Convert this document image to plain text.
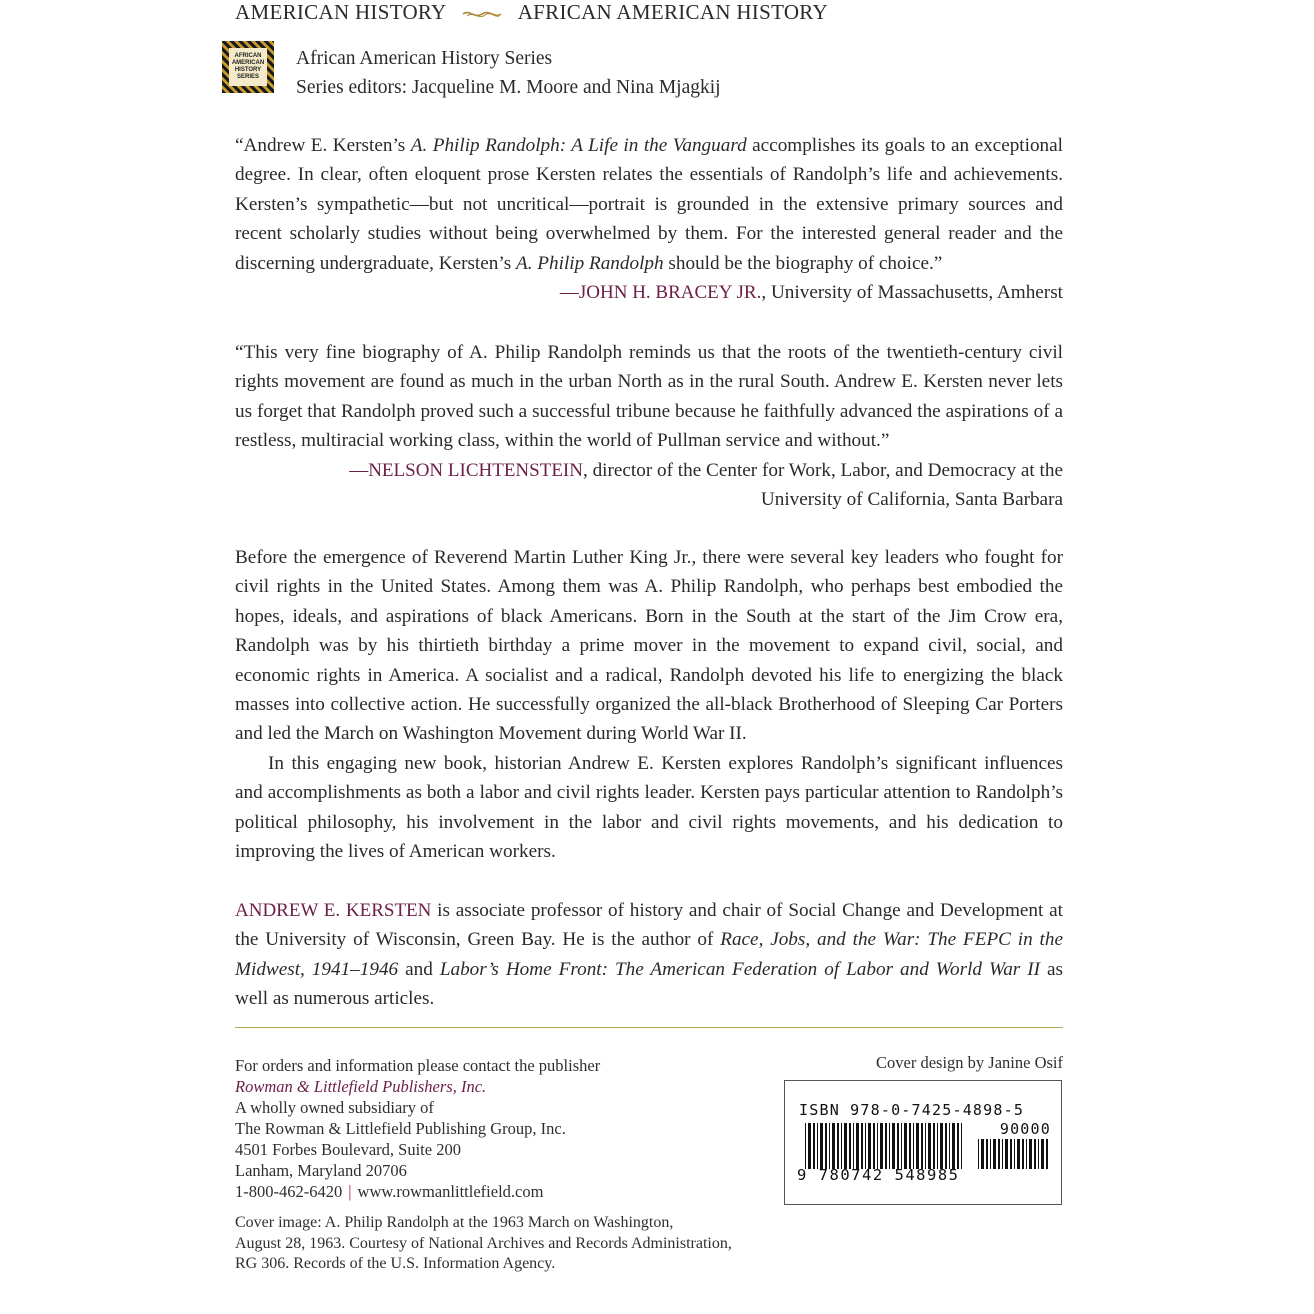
AMERICAN HISTORY	AFRICAN AMERICAN HISTORY
AFRICAN AMERICAN HISTORY SERIES
African American History Series
Series editors: Jacqueline M. Moore and Nina Mjagkij

“Andrew E. Kersten’s A. Philip Randolph: A Life in the Vanguard accomplishes its goals to an exceptional degree. In clear, often eloquent prose Kersten relates the essentials of Randolph’s life and achievements. Kersten’s sympathetic—but not uncritical—portrait is grounded in the extensive primary sources and recent scholarly studies without being overwhelmed by them. For the interested general reader and the discerning undergraduate, Kersten’s A. Philip Randolph should be the biography of choice.”

—JOHN H. BRACEY JR., University of Massachusetts, Amherst

“This very fine biography of A. Philip Randolph reminds us that the roots of the twentieth-century civil rights movement are found as much in the urban North as in the rural South. Andrew E. Kersten never lets us forget that Randolph proved such a successful tribune because he faithfully advanced the aspirations of a restless, multiracial working class, within the world of Pullman service and without.”

—NELSON LICHTENSTEIN, director of the Center for Work, Labor, and Democracy at the

University of California, Santa Barbara

Before the emergence of Reverend Martin Luther King Jr., there were several key leaders who fought for civil rights in the United States. Among them was A. Philip Randolph, who perhaps best embodied the hopes, ideals, and aspirations of black Americans. Born in the South at the start of the Jim Crow era, Randolph was by his thirtieth birthday a prime mover in the movement to expand civil, social, and economic rights in America. A socialist and a radical, Randolph devoted his life to energizing the black masses into collective action. He successfully organized the all-black Brotherhood of Sleeping Car Porters and led the March on Washington Movement during World War II.

In this engaging new book, historian Andrew E. Kersten explores Randolph’s significant influences and accomplishments as both a labor and civil rights leader. Kersten pays particular attention to Randolph’s political philosophy, his involvement in the labor and civil rights movements, and his dedication to improving the lives of American workers.

ANDREW E. KERSTEN is associate professor of history and chair of Social Change and Development at the University of Wisconsin, Green Bay. He is the author of Race, Jobs, and the War: The FEPC in the Midwest, 1941–1946 and Labor’s Home Front: The American Federation of Labor and World War II as well as numerous articles.

For orders and information please contact the publisher
Rowman & Littlefield Publishers, Inc.
A wholly owned subsidiary of
The Rowman & Littlefield Publishing Group, Inc.
4501 Forbes Boulevard, Suite 200
Lanham, Maryland 20706
1-800-462-6420 | www.rowmanlittlefield.com
Cover image: A. Philip Randolph at the 1963 March on Washington,
August 28, 1963. Courtesy of National Archives and Records Administration,
RG 306. Records of the U.S. Information Agency.
Cover design by Janine Osif
ISBN 978-0-7425-4898-5
90000
9 780742 548985
